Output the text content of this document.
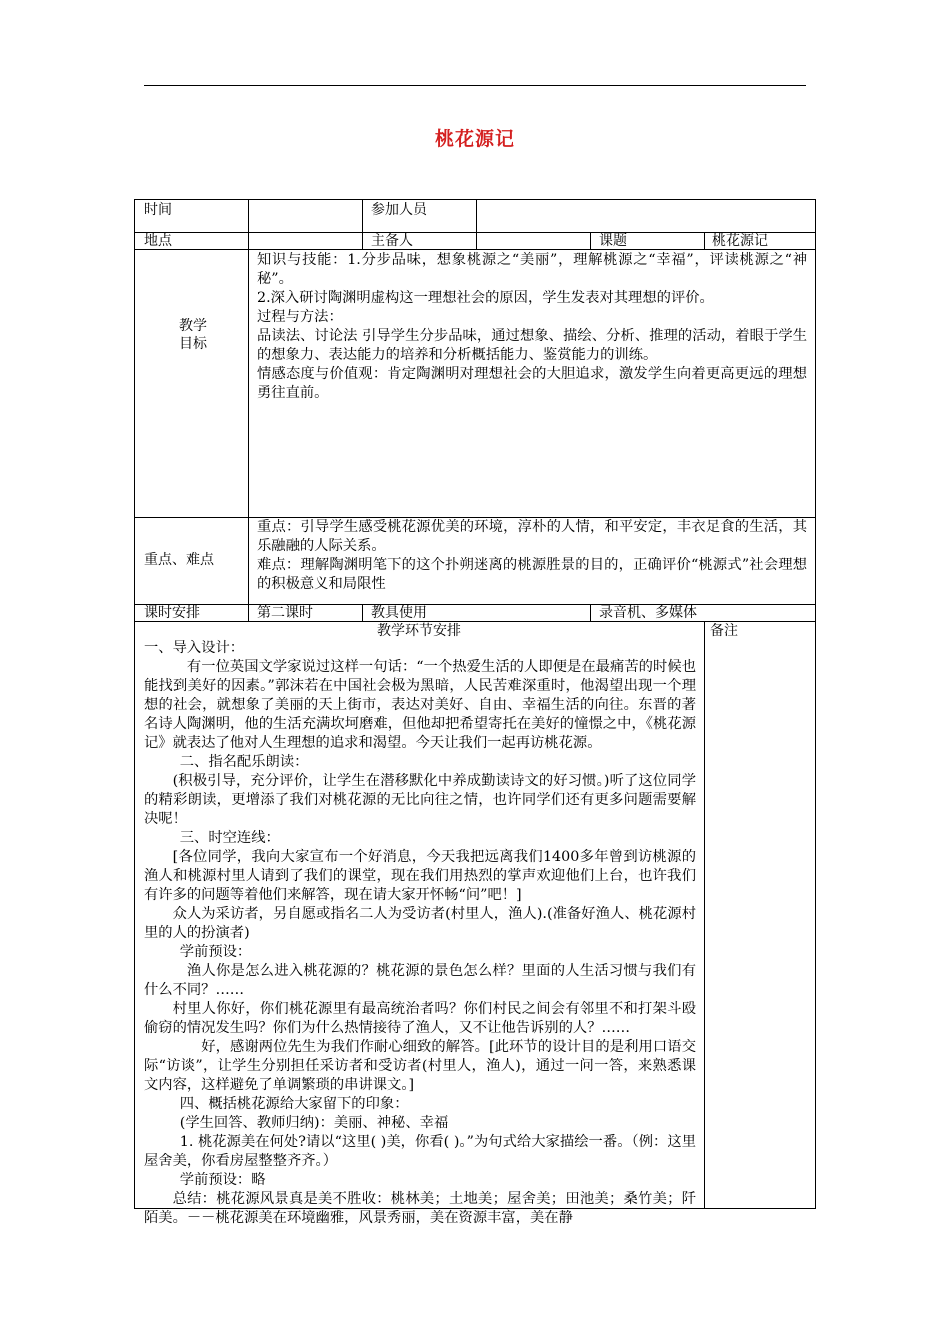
桃花源记
时间	参加人员
地点	主备人	课题	桃花源记
教学
目标
知识与技能：1.分步品味，想象桃源之“美丽”，理解桃源之“幸福”，评读桃源之“神秘”。
2.深入研讨陶渊明虚构这一理想社会的原因，学生发表对其理想的评价。
过程与方法：
品读法、讨论法 引导学生分步品味，通过想象、描绘、分析、推理的活动，着眼于学生的想象力、表达能力的培养和分析概括能力、鉴赏能力的训练。
情感态度与价值观：肯定陶渊明对理想社会的大胆追求，激发学生向着更高更远的理想勇往直前。
重点、难点
重点：引导学生感受桃花源优美的环境，淳朴的人情，和平安定，丰衣足食的生活，其乐融融的人际关系。
难点：理解陶渊明笔下的这个扑朔迷离的桃源胜景的目的，正确评价“桃源式”社会理想的积极意义和局限性
课时安排	第二课时	教具使用	录音机、多媒体
教学环节安排	备注
一、导入设计：
有一位英国文学家说过这样一句话：“一个热爱生活的人即便是在最痛苦的时候也能找到美好的因素。”郭沫若在中国社会极为黑暗，人民苦难深重时，他渴望出现一个理想的社会，就想象了美丽的天上街市，表达对美好、自由、幸福生活的向往。东晋的著名诗人陶渊明，他的生活充满坎坷磨难，但他却把希望寄托在美好的憧憬之中，《桃花源记》就表达了他对人生理想的追求和渴望。今天让我们一起再访桃花源。
二、指名配乐朗读：
(积极引导，充分评价，让学生在潜移默化中养成勤读诗文的好习惯。)听了这位同学的精彩朗读，更增添了我们对桃花源的无比向往之情，也许同学们还有更多问题需要解决呢！
三、时空连线：
[各位同学，我向大家宣布一个好消息，今天我把远离我们1400多年曾到访桃源的渔人和桃源村里人请到了我们的课堂，现在我们用热烈的掌声欢迎他们上台，也许我们有许多的问题等着他们来解答，现在请大家开怀畅“问”吧！]
众人为采访者，另自愿或指名二人为受访者(村里人，渔人).(准备好渔人、桃花源村里的人的扮演者)
学前预设：
渔人你是怎么进入桃花源的？桃花源的景色怎么样？里面的人生活习惯与我们有什么不同？……
村里人你好，你们桃花源里有最高统治者吗？你们村民之间会有邻里不和打架斗殴偷窃的情况发生吗？你们为什么热情接待了渔人，又不让他告诉别的人？……
好，感谢两位先生为我们作耐心细致的解答。[此环节的设计目的是利用口语交际“访谈”，让学生分别担任采访者和受访者(村里人，渔人)，通过一问一答，来熟悉课文内容，这样避免了单调繁琐的串讲课文。]
四、概括桃花源给大家留下的印象：
(学生回答、教师归纳)：美丽、神秘、幸福
1. 桃花源美在何处?请以“这里( )美，你看( )。”为句式给大家描绘一番。（例：这里屋舍美，你看房屋整整齐齐。）
学前预设：略
总结：桃花源风景真是美不胜收：桃林美；土地美；屋舍美；田池美；桑竹美；阡陌美。－－桃花源美在环境幽雅，风景秀丽，美在资源丰富，美在静
